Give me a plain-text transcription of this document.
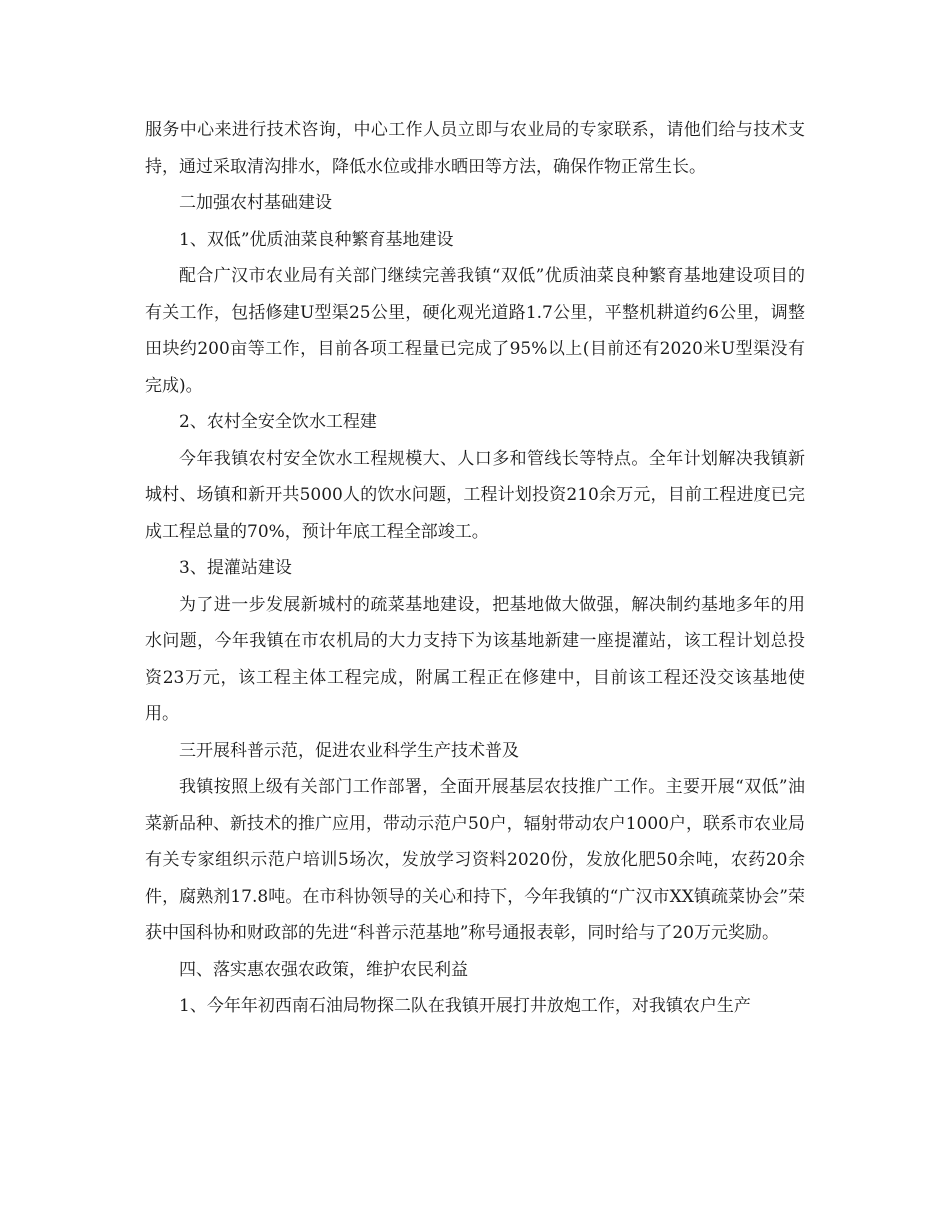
服务中心来进行技术咨询，中心工作人员立即与农业局的专家联系，请他们给与技术支持，通过采取清沟排水，降低水位或排水晒田等方法，确保作物正常生长。

二加强农村基础建设

1、双低”优质油菜良种繁育基地建设

配合广汉市农业局有关部门继续完善我镇“双低”优质油菜良种繁育基地建设项目的有关工作，包括修建U型渠25公里，硬化观光道路1.7公里，平整机耕道约6公里，调整田块约200亩等工作，目前各项工程量已完成了95%以上(目前还有2020米U型渠没有完成)。

2、农村全安全饮水工程建

今年我镇农村安全饮水工程规模大、人口多和管线长等特点。全年计划解决我镇新城村、场镇和新开共5000人的饮水问题，工程计划投资210余万元，目前工程进度已完成工程总量的70%，预计年底工程全部竣工。

3、提灌站建设

为了进一步发展新城村的疏菜基地建设，把基地做大做强，解决制约基地多年的用水问题，今年我镇在市农机局的大力支持下为该基地新建一座提灌站，该工程计划总投资23万元，该工程主体工程完成，附属工程正在修建中，目前该工程还没交该基地使用。

三开展科普示范，促进农业科学生产技术普及

我镇按照上级有关部门工作部署，全面开展基层农技推广工作。主要开展“双低”油菜新品种、新技术的推广应用，带动示范户50户，辐射带动农户1000户，联系市农业局有关专家组织示范户培训5场次，发放学习资料2020份，发放化肥50余吨，农药20余件，腐熟剂17.8吨。在市科协领导的关心和持下，今年我镇的“广汉市XX镇疏菜协会”荣获中国科协和财政部的先进“科普示范基地”称号通报表彰，同时给与了20万元奖励。

四、落实惠农强农政策，维护农民利益

1、今年年初西南石油局物探二队在我镇开展打井放炮工作，对我镇农户生产
